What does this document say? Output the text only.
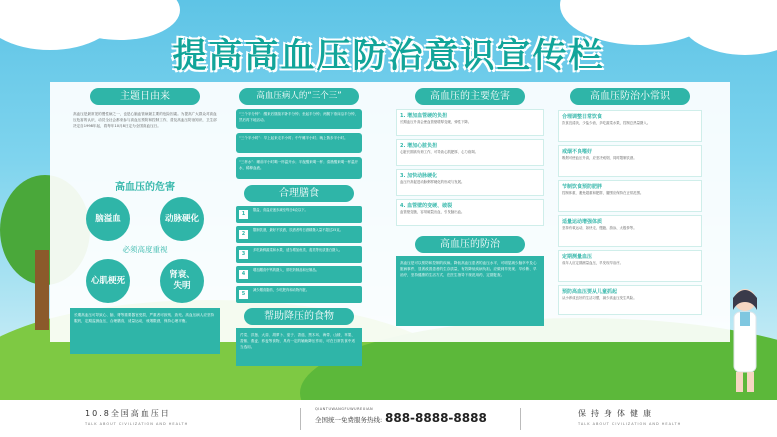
提高高血压防治意识宣传栏
主题日由来
高血压是最常见的慢性病之一，也是心脑血管病最主要的危险因素。为提高广大群众对高血压危害的认识，动员全社会都来参与高血压预防和控制工作，普及高血压防治知识，卫生部决定自1998年起，将每年10月8日定为全国高血压日。
高血压的危害
脑溢血	动脉硬化
必须高度重视
心肌梗死
肾衰、
失明
长期高血压可导致心、脑、肾等重要器官受损，严重者可致残、致死。高血压病人应坚持服药，定期监测血压，合理膳食，适量运动，戒烟限酒，保持心理平衡。
高血压病人的“三个三”
“三个半分钟”：醒来后继续平卧半分钟；坐起半分钟；两腿下垂床沿半分钟，然后再下地活动。
“三个半小时”：早上起来走半小时；中午睡半小时；晚上散步半小时。
“三杯水”：睡前半小时喝一杯温开水；半夜醒来喝一杯；清晨醒来喝一杯温开水，稀释血液。
合理膳食
1
限盐，食盐应逐步减至每日6克以下。
2
限制饮酒，最好不饮酒，饮酒者每日酒精摄入量不超过25克。
3
多吃新鲜蔬菜和水果，适当增加鱼类、禽类等优质蛋白摄入。
4
增加膳食中钙的摄入，常吃奶制品和豆制品。
5
减少膳食脂肪，少吃肥肉和动物内脏。
帮助降压的食物
芹菜、洋葱、大蒜、胡萝卜、茄子、香菇、黑木耳、海带、山楂、苹果、香蕉、燕麦、荞麦等食物，具有一定的辅助降压作用，可在日常饮食中适当选用。
高血压的主要危害
1. 增加血管硬的负担
长期血压升高会使血管壁增厚变硬，弹性下降。
2. 增加心脏负担
心脏长期高负荷工作，可导致心肌肥厚、心力衰竭。
3. 加快动脉硬化
血压升高促进动脉粥样硬化的形成与发展。
4. 血管壁的变硬、破裂
血管壁变脆，容易破裂出血，引发脑出血。
高血压的防治
高血压是可以预防和控制的疾病。降低高血压患者的血压水平，可明显减少脑卒中及心脏病事件，显著改善患者的生存质量，有效降低疾病负担。应做到早发现、早诊断、早治疗，坚持健康的生活方式，在医生指导下规范用药，定期复查。
高血压防治小常识
合理调整日常饮食
饮食宜清淡，少盐少油，多吃蔬菜水果，控制总热量摄入。
戒烟不良嗜好
吸烟可使血压升高，应坚决戒烟，同时限制饮酒。
节制饮食预防肥胖
控制体重，避免超重和肥胖，腰围应保持在正常范围。
适量运动增强体质
坚持有氧运动，如快走、慢跑、游泳、太极拳等。
定期测量血压
成年人应定期测量血压，早发现早治疗。
预防高血压要从儿童抓起
从小养成良好的生活习惯，减少高血压发生风险。
10.8全国高血压日
TALK ABOUT CIVILIZATION AND HEALTH
QIANTUWANGFUWUREXIAN
全国统一免费服务热线: 888-8888-8888	保持身体健康
TALK ABOUT CIVILIZATION AND HEALTH
